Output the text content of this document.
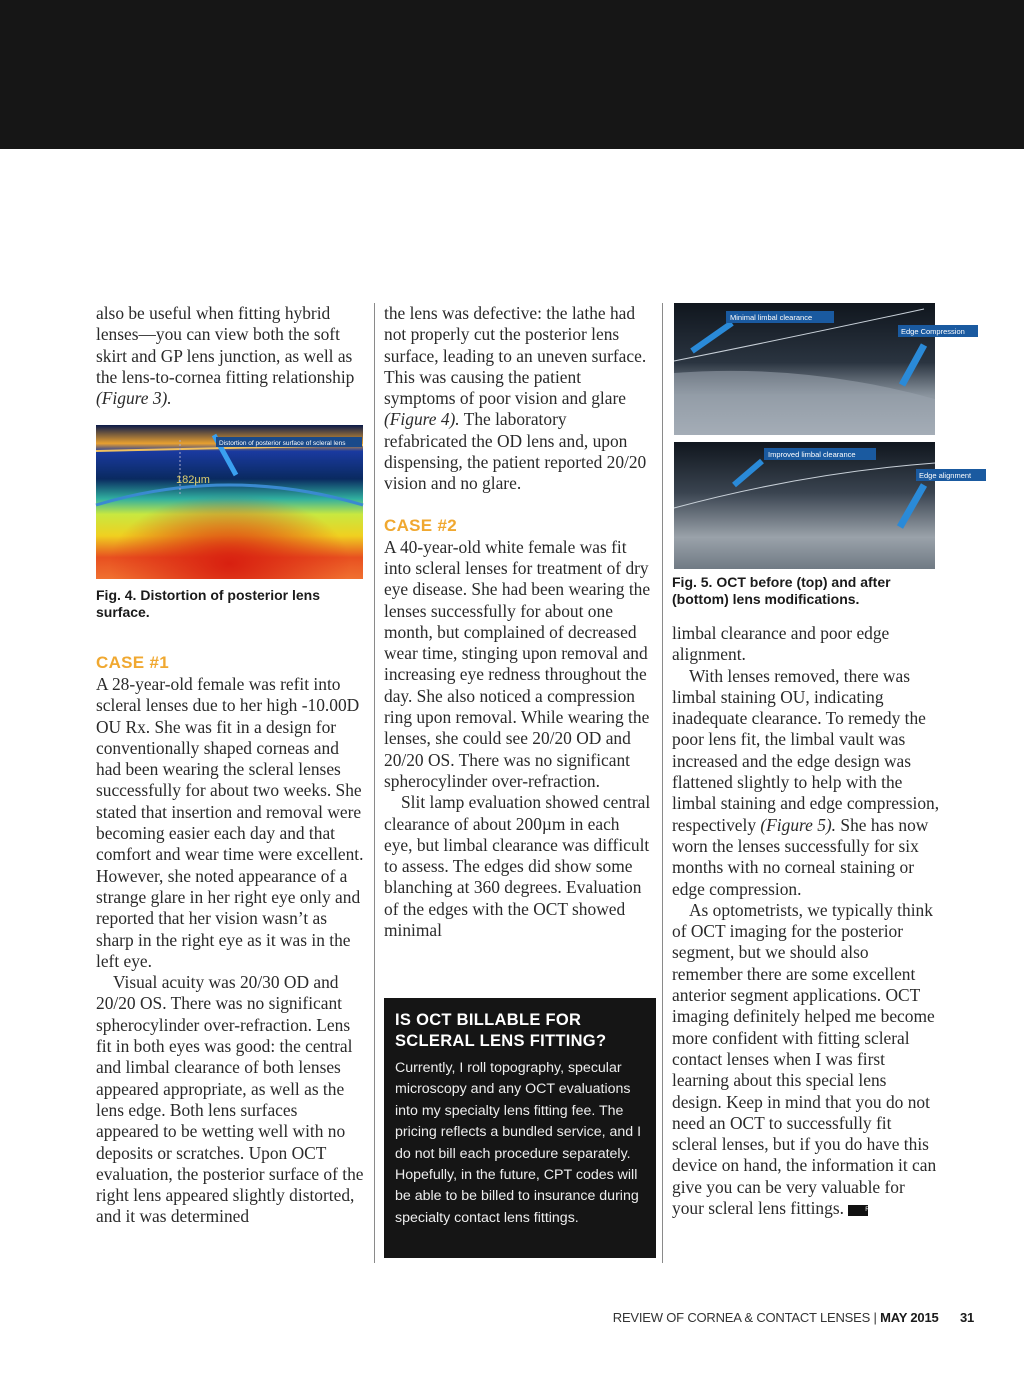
also be useful when fitting hybrid lenses—you can view both the soft skirt and GP lens junction, as well as the lens-to-cornea fitting relationship (Figure 3).

Distortion of posterior surface of scleral lens
182μm

Fig. 4. Distortion of posterior lens surface.

CASE #1

A 28-year-old female was refit into scleral lenses due to her high -10.00D OU Rx. She was fit in a design for conventionally shaped corneas and had been wearing the scleral lenses successfully for about two weeks. She stated that insertion and removal were becoming easier each day and that comfort and wear time were excellent. However, she noted appearance of a strange glare in her right eye only and reported that her vision wasn’t as sharp in the right eye as it was in the left eye.

Visual acuity was 20/30 OD and 20/20 OS. There was no significant spherocylinder over-refraction. Lens fit in both eyes was good: the central and limbal clearance of both lenses appeared appropriate, as well as the lens edge. Both lens surfaces appeared to be wetting well with no deposits or scratches. Upon OCT evaluation, the posterior surface of the right lens appeared slightly distorted, and it was determined

the lens was defective: the lathe had not properly cut the posterior lens surface, leading to an uneven surface. This was causing the patient symptoms of poor vision and glare (Figure 4). The laboratory refabricated the OD lens and, upon dispensing, the patient reported 20/20 vision and no glare.

CASE #2

A 40-year-old white female was fit into scleral lenses for treatment of dry eye disease. She had been wearing the lenses successfully for about one month, but complained of decreased wear time, stinging upon removal and increasing eye redness throughout the day. She also noticed a compression ring upon removal. While wearing the lenses, she could see 20/20 OD and 20/20 OS. There was no significant spherocylinder over-refraction.

Slit lamp evaluation showed central clearance of about 200µm in each eye, but limbal clearance was difficult to assess. The edges did show some blanching at 360 degrees. Evaluation of the edges with the OCT showed minimal

IS OCT BILLABLE FOR SCLERAL LENS FITTING?

Currently, I roll topography, specular microscopy and any OCT evaluations into my specialty lens fitting fee. The pricing reflects a bundled service, and I do not bill each procedure separately. Hopefully, in the future, CPT codes will be able to be billed to insurance during specialty contact lens fittings.

Minimal limbal clearance
Edge Compression
Improved limbal clearance
Edge alignment

Fig. 5. OCT before (top) and after (bottom) lens modifications.

limbal clearance and poor edge alignment.

With lenses removed, there was limbal staining OU, indicating inadequate clearance. To remedy the poor lens fit, the limbal vault was increased and the edge design was flattened slightly to help with the limbal staining and edge compression, respectively (Figure 5). She has now worn the lenses successfully for six months with no corneal staining or edge compression.

As optometrists, we typically think of OCT imaging for the posterior segment, but we should also remember there are some excellent anterior segment applications. OCT imaging definitely helped me become more confident with fitting scleral contact lenses when I was first learning about this special lens design. Keep in mind that you do not need an OCT to successfully fit scleral lenses, but if you do have this device on hand, the information it can give you can be very valuable for your scleral lens fittings.	RCCL

REVIEW OF CORNEA & CONTACT LENSES | MAY 2015 31
